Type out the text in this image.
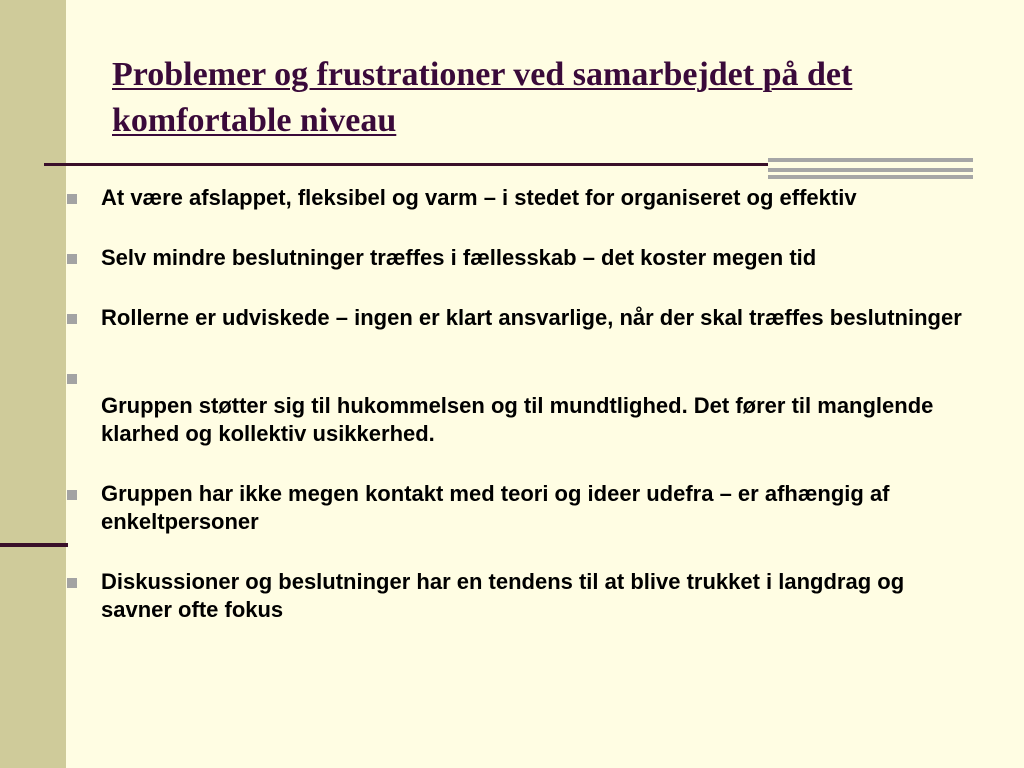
Problemer og frustrationer ved samarbejdet på det komfortable niveau
At være afslappet, fleksibel og varm – i stedet for organiseret og effektiv
Selv mindre beslutninger træffes i fællesskab – det koster megen tid
Rollerne er udviskede – ingen er klart ansvarlige, når der skal træffes beslutninger
Gruppen støtter sig til hukommelsen og til mundtlighed. Det fører til manglende klarhed og kollektiv usikkerhed.
Gruppen har ikke megen kontakt med teori og ideer udefra – er afhængig af enkeltpersoner
Diskussioner og beslutninger har en tendens til at blive trukket i langdrag og savner ofte fokus
